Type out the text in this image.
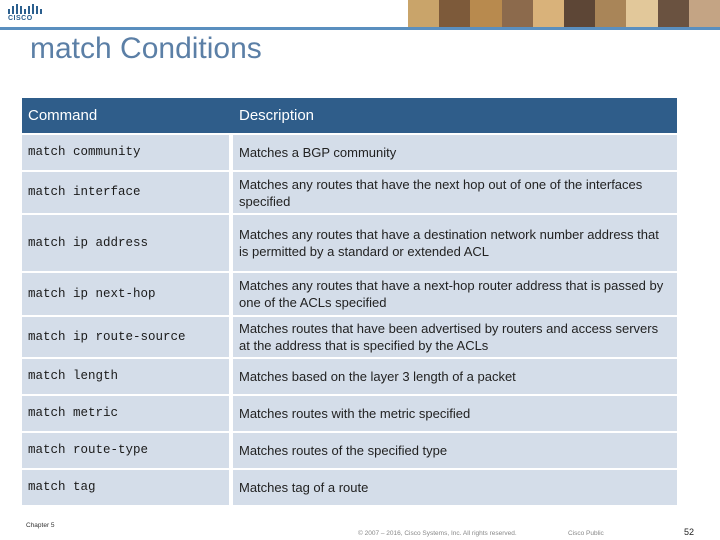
CISCO
match Conditions
Command	Description
match community	Matches a BGP community
match interface	Matches any routes that have the next hop out of one of the interfaces specified
match ip address	Matches any routes that have a destination network number address that is permitted by a standard or extended ACL
match ip next-hop	Matches any routes that have a next-hop router address that is passed by one of the ACLs specified
match ip route-source	Matches routes that have been advertised by routers and access servers at the address that is specified by the ACLs
match length	Matches based on the layer 3 length of a packet
match metric	Matches routes with the metric specified
match route-type	Matches routes of the specified type
match tag	Matches tag of a route
Chapter 5
© 2007 – 2016, Cisco Systems, Inc. All rights reserved.	Cisco Public	52
